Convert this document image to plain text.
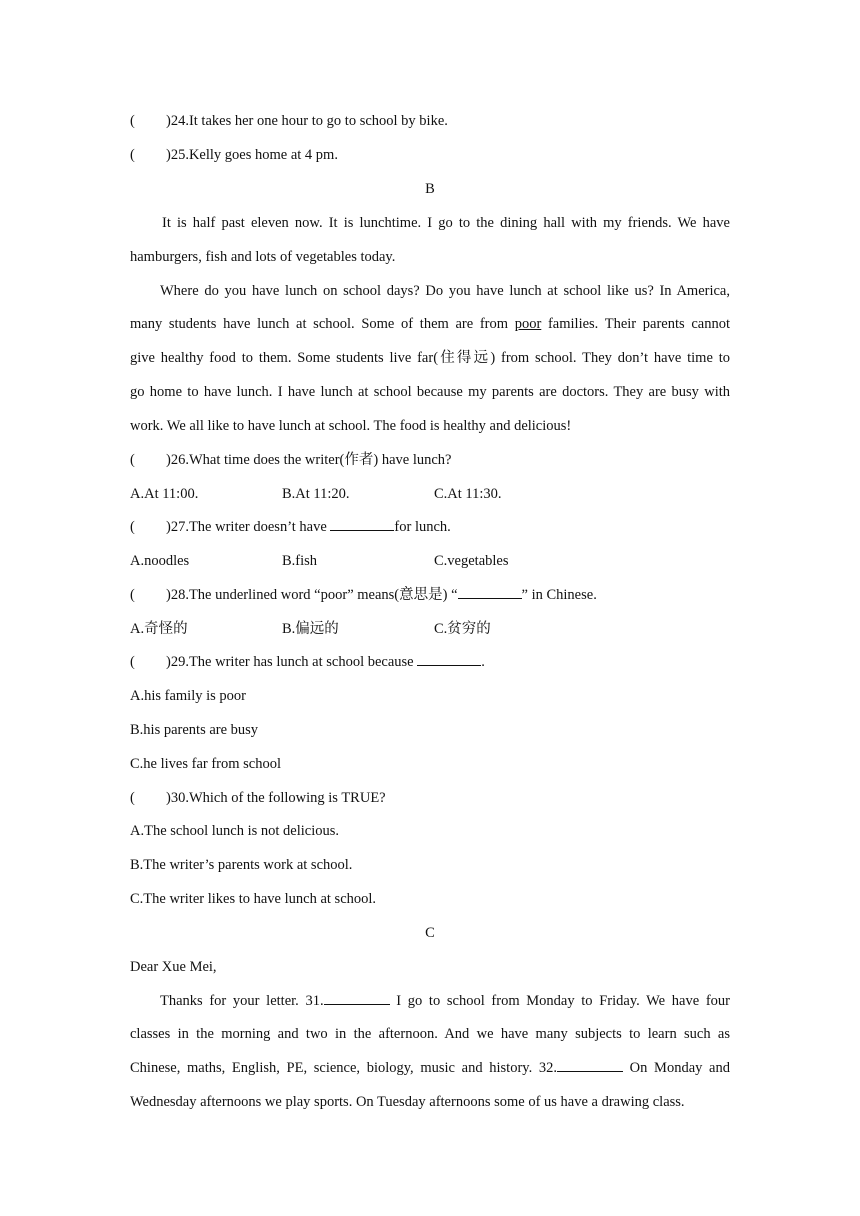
( )24.It takes her one hour to go to school by bike.
( )25.Kelly goes home at 4 pm.
B
It is half past eleven now. It is lunchtime. I go to the dining hall with my friends. We have
hamburgers, fish and lots of vegetables today.
Where do you have lunch on school days? Do you have lunch at school like us? In America,
many students have lunch at school. Some of them are from poor families. Their parents cannot
give healthy food to them. Some students live far(住得远) from school. They don’t have time to
go home to have lunch. I have lunch at school because my parents are doctors. They are busy with
work. We all like to have lunch at school. The food is healthy and delicious!
( )26.What time does the writer(作者) have lunch?
A.At 11:00.	B.At 11:20.	C.At 11:30.
( )27.The writer doesn’t have	for lunch.
A.noodles	B.fish	C.vegetables
( )28.The underlined word “poor” means(意思是) “	” in Chinese.
A.奇怪的	B.偏远的	C.贫穷的
( )29.The writer has lunch at school because	.
A.his family is poor
B.his parents are busy
C.he lives far from school
( )30.Which of the following is TRUE?
A.The school lunch is not delicious.
B.The writer’s parents work at school.
C.The writer likes to have lunch at school.
C
Dear Xue Mei,
Thanks for your letter. 31.	I go to school from Monday to Friday. We have four
classes in the morning and two in the afternoon. And we have many subjects to learn such as
Chinese, maths, English, PE, science, biology, music and history. 32.	On Monday and
Wednesday afternoons we play sports. On Tuesday afternoons some of us have a drawing class.
